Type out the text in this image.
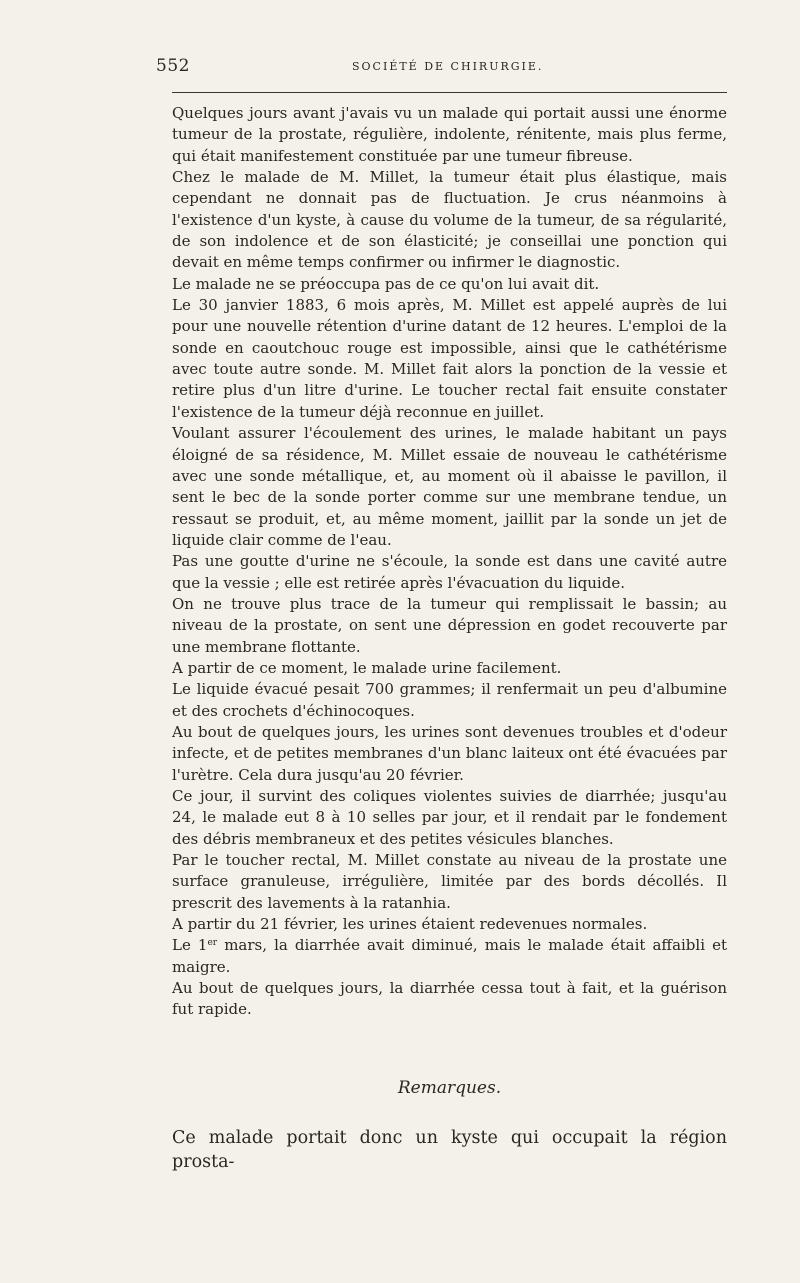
552	SOCIÉTÉ DE CHIRURGIE.

Quelques jours avant j'avais vu un malade qui portait aussi une énorme tumeur de la prostate, régulière, indolente, rénitente, mais plus ferme, qui était manifestement constituée par une tumeur fibreuse.

Chez le malade de M. Millet, la tumeur était plus élastique, mais cependant ne donnait pas de fluctuation. Je crus néanmoins à l'existence d'un kyste, à cause du volume de la tumeur, de sa régularité, de son indolence et de son élasticité; je conseillai une ponction qui devait en même temps confirmer ou infirmer le diagnostic.

Le malade ne se préoccupa pas de ce qu'on lui avait dit.

Le 30 janvier 1883, 6 mois après, M. Millet est appelé auprès de lui pour une nouvelle rétention d'urine datant de 12 heures. L'emploi de la sonde en caoutchouc rouge est impossible, ainsi que le cathétérisme avec toute autre sonde. M. Millet fait alors la ponction de la vessie et retire plus d'un litre d'urine. Le toucher rectal fait ensuite constater l'existence de la tumeur déjà reconnue en juillet.

Voulant assurer l'écoulement des urines, le malade habitant un pays éloigné de sa résidence, M. Millet essaie de nouveau le cathétérisme avec une sonde métallique, et, au moment où il abaisse le pavillon, il sent le bec de la sonde porter comme sur une membrane tendue, un ressaut se produit, et, au même moment, jaillit par la sonde un jet de liquide clair comme de l'eau.

Pas une goutte d'urine ne s'écoule, la sonde est dans une cavité autre que la vessie ; elle est retirée après l'évacuation du liquide.

On ne trouve plus trace de la tumeur qui remplissait le bassin; au niveau de la prostate, on sent une dépression en godet recouverte par une membrane flottante.

A partir de ce moment, le malade urine facilement.

Le liquide évacué pesait 700 grammes; il renfermait un peu d'albumine et des crochets d'échinocoques.

Au bout de quelques jours, les urines sont devenues troubles et d'odeur infecte, et de petites membranes d'un blanc laiteux ont été évacuées par l'urètre. Cela dura jusqu'au 20 février.

Ce jour, il survint des coliques violentes suivies de diarrhée; jusqu'au 24, le malade eut 8 à 10 selles par jour, et il rendait par le fondement des débris membraneux et des petites vésicules blanches.

Par le toucher rectal, M. Millet constate au niveau de la prostate une surface granuleuse, irrégulière, limitée par des bords décollés. Il prescrit des lavements à la ratanhia.

A partir du 21 février, les urines étaient redevenues normales.

Le 1er mars, la diarrhée avait diminué, mais le malade était affaibli et maigre.

Au bout de quelques jours, la diarrhée cessa tout à fait, et la guérison fut rapide.

Remarques.
Ce malade portait donc un kyste qui occupait la région prosta-
